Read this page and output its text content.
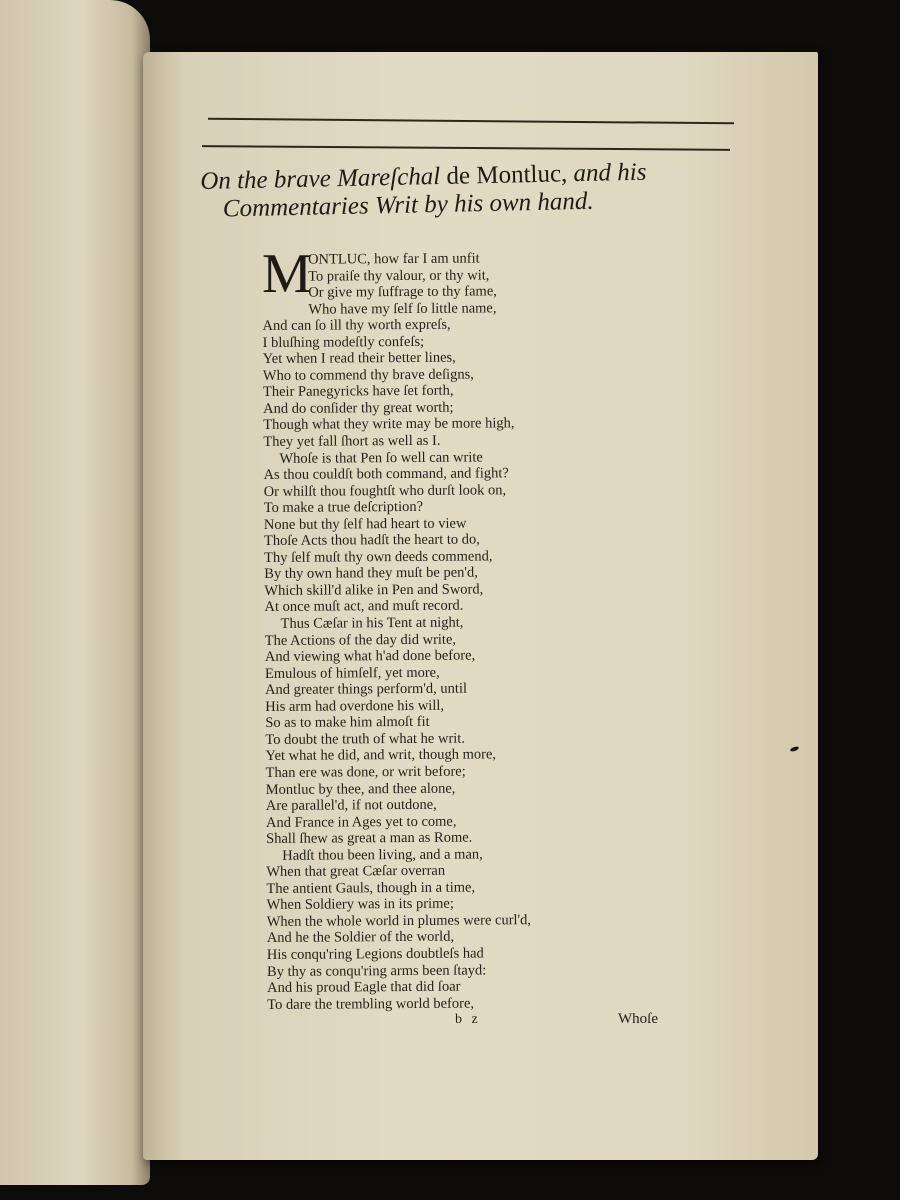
On the brave Mareſchal de Montluc, and his
Commentaries Writ by his own hand.
M
ONTLUC, how far I am unfit
To praiſe thy valour, or thy wit,
Or give my ſuffrage to thy fame,
Who have my ſelf ſo little name,
And can ſo ill thy worth expreſs,
I bluſhing modeſtly confeſs;
Yet when I read their better lines,
Who to commend thy brave deſigns,
Their Panegyricks have ſet forth,
And do conſider thy great worth;
Though what they write may be more high,
They yet fall ſhort as well as I.
Whoſe is that Pen ſo well can write
As thou couldſt both command, and fight?
Or whilſt thou foughtſt who durſt look on,
To make a true deſcription?
None but thy ſelf had heart to view
Thoſe Acts thou hadſt the heart to do,
Thy ſelf muſt thy own deeds commend,
By thy own hand they muſt be pen'd,
Which skill'd alike in Pen and Sword,
At once muſt act, and muſt record.
Thus Cæſar in his Tent at night,
The Actions of the day did write,
And viewing what h'ad done before,
Emulous of himſelf, yet more,
And greater things perform'd, until
His arm had overdone his will,
So as to make him almoſt fit
To doubt the truth of what he writ.
Yet what he did, and writ, though more,
Than ere was done, or writ before;
Montluc by thee, and thee alone,
Are parallel'd, if not outdone,
And France in Ages yet to come,
Shall ſhew as great a man as Rome.
Hadſt thou been living, and a man,
When that great Cæſar overran
The antient Gauls, though in a time,
When Soldiery was in its prime;
When the whole world in plumes were curl'd,
And he the Soldier of the world,
His conqu'ring Legions doubtleſs had
By thy as conqu'ring arms been ſtayd:
And his proud Eagle that did ſoar
To dare the trembling world before,
b z	Whoſe
